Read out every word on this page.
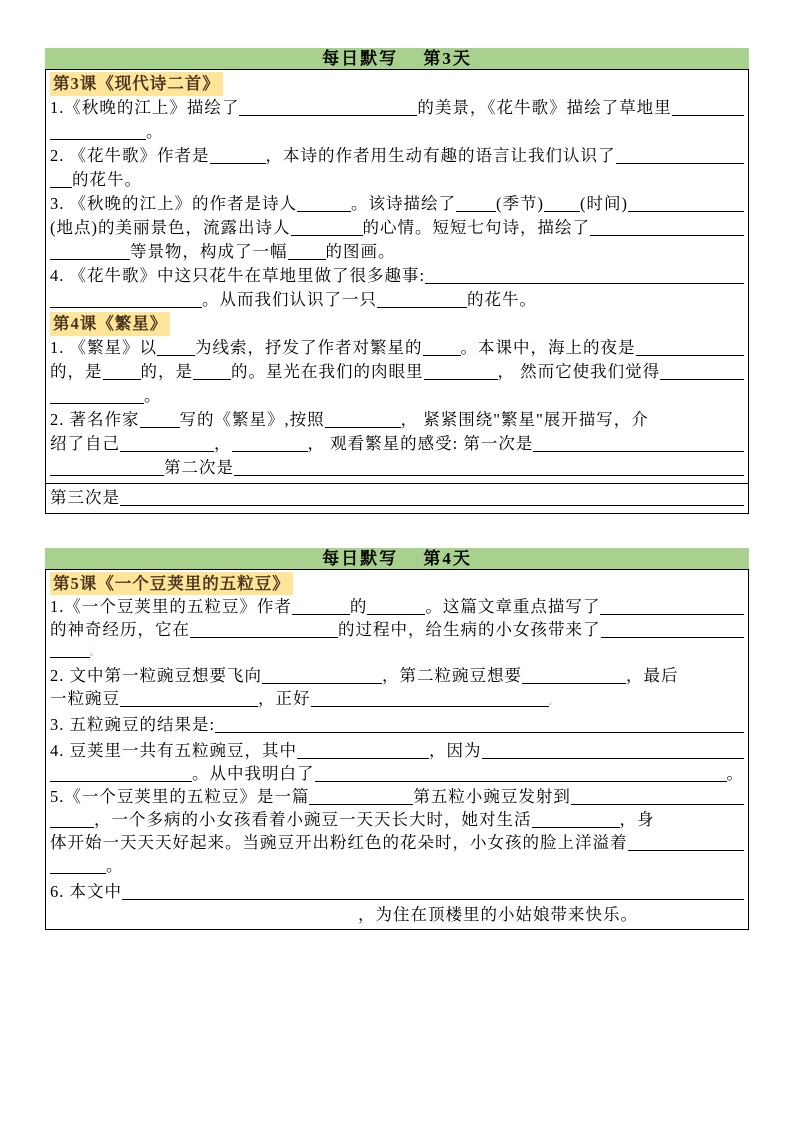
每日默写　 第3天
第3课《现代诗二首》
1.《秋晚的江上》描绘了	的美景，《花牛歌》描绘了草地里
。
2. 《花牛歌》作者是	，本诗的作者用生动有趣的语言让我们认识了
的花牛。
3. 《秋晚的江上》的作者是诗人	。该诗描绘了 (季节) (时间)
(地点)的美丽景色，流露出诗人	的心情。短短七句诗，描绘了
等景物，构成了一幅 的图画。
4. 《花牛歌》中这只花牛在草地里做了很多趣事:
。从而我们认识了一只	的花牛。
第4课《繁星》
1. 《繁星》以 为线索，抒发了作者对繁星的 。本课中，海上的夜是
的，是 的，是 的。星光在我们的肉眼里	， 然而它使我们觉得
。
2. 著名作家 写的《繁星》,按照	， 紧紧围绕"繁星"展开描写，介
绍了自己	，	， 观看繁星的感受: 第一次是
第二次是
第三次是
每日默写　 第4天
第5课《一个豆荚里的五粒豆》
1.《一个豆荚里的五粒豆》作者	的	。这篇文章重点描写了
的神奇经历，它在	的过程中，给生病的小女孩带来了
。
2. 文中第一粒豌豆想要飞向	，第二粒豌豆想要	，最后
一粒豌豆	，正好	。
3. 五粒豌豆的结果是:
4. 豆荚里一共有五粒豌豆，其中	，因为
。从中我明白了	。
5.《一个豆荚里的五粒豆》是一篇	第五粒小豌豆发射到
，一个多病的小女孩看着小豌豆一天天长大时，她对生活	，身
体开始一天天天好起来。当豌豆开出粉红色的花朵时，小女孩的脸上洋溢着
。
6. 本文中
，为住在顶楼里的小姑娘带来快乐。
